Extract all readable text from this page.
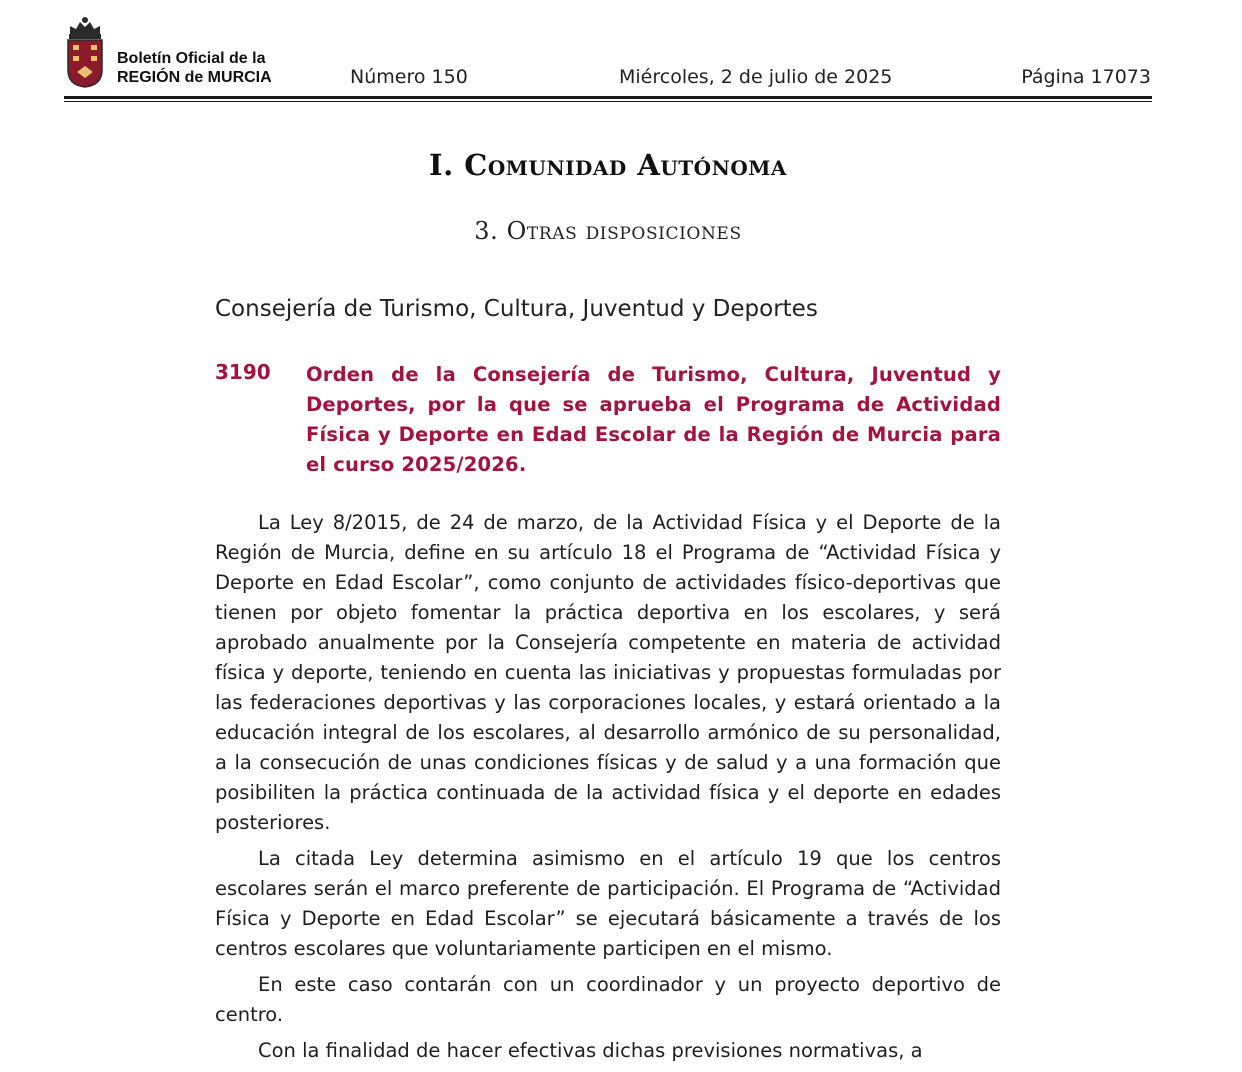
Boletín Oficial de la
REGIÓN de MURCIA	Número 150	Miércoles, 2 de julio de 2025	Página 17073
I. Comunidad Autónoma
3. Otras disposiciones
Consejería de Turismo, Cultura, Juventud y Deportes
3190 Orden de la Consejería de Turismo, Cultura, Juventud y Deportes, por la que se aprueba el Programa de Actividad Física y Deporte en Edad Escolar de la Región de Murcia para el curso 2025/2026.

La Ley 8/2015, de 24 de marzo, de la Actividad Física y el Deporte de la Región de Murcia, define en su artículo 18 el Programa de “Actividad Física y Deporte en Edad Escolar”, como conjunto de actividades físico-deportivas que tienen por objeto fomentar la práctica deportiva en los escolares, y será aprobado anualmente por la Consejería competente en materia de actividad física y deporte, teniendo en cuenta las iniciativas y propuestas formuladas por las federaciones deportivas y las corporaciones locales, y estará orientado a la educación integral de los escolares, al desarrollo armónico de su personalidad, a la consecución de unas condiciones físicas y de salud y a una formación que posibiliten la práctica continuada de la actividad física y el deporte en edades posteriores.

La citada Ley determina asimismo en el artículo 19 que los centros escolares serán el marco preferente de participación. El Programa de “Actividad Física y Deporte en Edad Escolar” se ejecutará básicamente a través de los centros escolares que voluntariamente participen en el mismo.

En este caso contarán con un coordinador y un proyecto deportivo de centro.

Con la finalidad de hacer efectivas dichas previsiones normativas, a
